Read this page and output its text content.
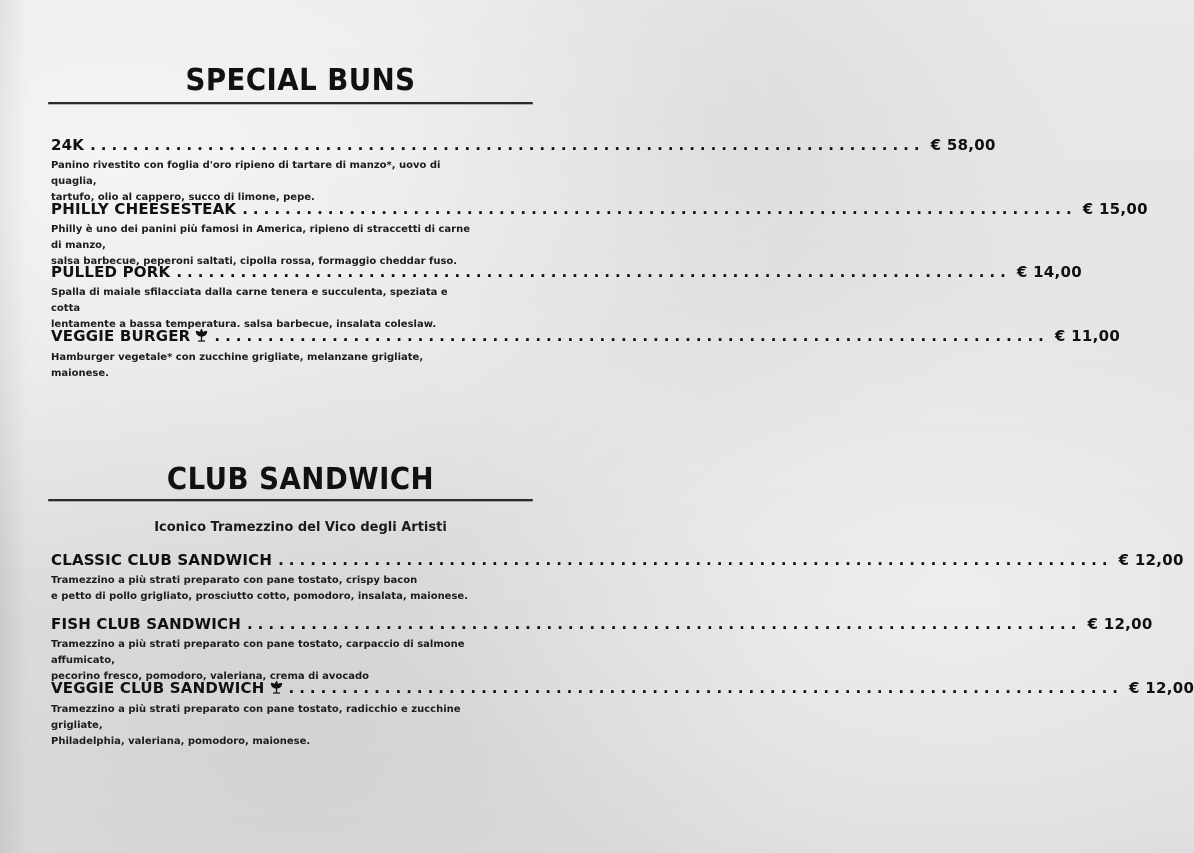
SPECIAL BUNS
24K .............................................................................. € 58,00
Panino rivestito con foglia d'oro ripieno di tartare di manzo*, uovo di quaglia,
tartufo, olio al cappero, succo di limone, pepe.
PHILLY CHEESESTEAK .............................................................................. € 15,00
Philly è uno dei panini più famosi in America, ripieno di straccetti di carne di manzo,
salsa barbecue, peperoni saltati, cipolla rossa, formaggio cheddar fuso.
PULLED PORK .............................................................................. € 14,00
Spalla di maiale sfilacciata dalla carne tenera e succulenta, speziata e cotta
lentamente a bassa temperatura. salsa barbecue, insalata coleslaw.
VEGGIE BURGER	.............................................................................. € 11,00
Hamburger vegetale* con zucchine grigliate, melanzane grigliate, maionese.
CLUB SANDWICH
Iconico Tramezzino del Vico degli Artisti
CLASSIC CLUB SANDWICH .............................................................................. € 12,00
Tramezzino a più strati preparato con pane tostato, crispy bacon
e petto di pollo grigliato, prosciutto cotto, pomodoro, insalata, maionese.
FISH CLUB SANDWICH .............................................................................. € 12,00
Tramezzino a più strati preparato con pane tostato, carpaccio di salmone affumicato,
pecorino fresco, pomodoro, valeriana, crema di avocado
VEGGIE CLUB SANDWICH	.............................................................................. € 12,00
Tramezzino a più strati preparato con pane tostato, radicchio e zucchine grigliate,
Philadelphia, valeriana, pomodoro, maionese.
